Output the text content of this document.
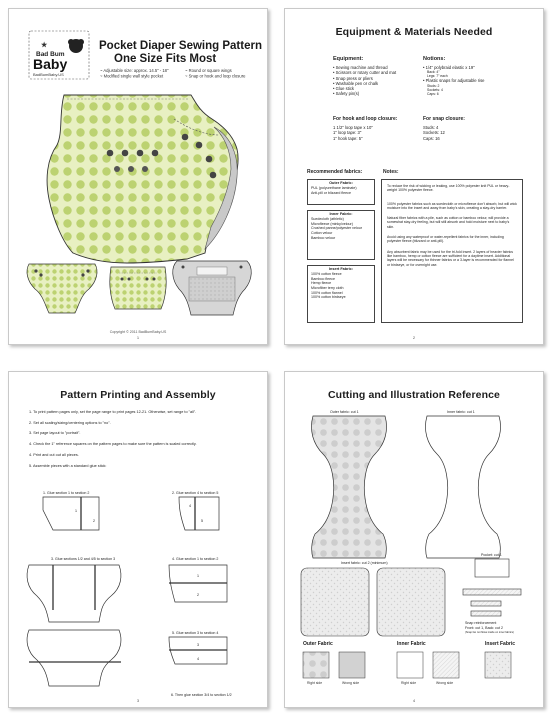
★
Bad Bum
Baby
BadBumBaby.US
Pocket Diaper Sewing Pattern
One Size Fits Most
~ Adjustable size: approx. 14.5" - 18"
~ Modified single wall style pocket
~ Round or square wings
~ Snap or hook and loop closure
Copyright © 2011 BadBumBaby.US
1
Equipment & Materials Needed
Equipment:
• Sewing machine and thread
• Scissors or rotary cutter and mat
• Snap press or pliers
• Washable pen or chalk
• Glue stick
• Safety pin(s)
Notions:
• 1/4" polybraid elastic x 19"
Back: 4"
Legs: 7" each
• Plastic snaps for adjustable rise
Studs: 2
Sockets: 4
Caps: 6
For hook and loop closure:
1 1/2" loop tape x 10"
1" loop tape: 3"
1" hook tape: 5"
For snap closure:
Studs: 4
Sockets: 12
Caps: 16
Recommended fabrics:	Notes:
Outer Fabric:
PUL (polyurethane laminate)
Anti-pill or blizzard fleece
Inner Fabric:
Suedecloth (athletic)
Microfleece (minky/velour)
Crushed panne/polyester velour
Cotton velour
Bamboo velour
Insert Fabric:
100% cotton fleece
Bamboo fleece
Hemp fleece
Microfiber terry cloth
100% cotton flannel
100% cotton birdseye
To reduce the risk of wicking or leaking, use 100% polyester knit PUL or heavy-weight 100% polyester fleece.
100% polyester fabrics such as suedecloth or microfleece don't absorb, but will wick moisture into the insert and away from baby's skin, creating a stay-dry barrier.
Natural fiber fabrics with a pile, such as cotton or bamboo velour, will provide a somewhat stay-dry feeling, but will still absorb and hold moisture next to baby's skin.
Avoid using any waterproof or water-repellent fabrics for the inner, including polyester fleece (blizzard or anti-pill).
Any absorbent fabric may be used for the tri-fold insert. 2 layers of heavier fabrics like bamboo, hemp or cotton fleece are sufficient for a daytime insert. Additional layers will be necessary for thinner fabrics or a 3-layer is recommended for flannel or birdseye, or for overnight use.
2
Pattern Printing and Assembly
1. To print pattern pages only, set the page range to print pages 12-21. Otherwise, set range to "all".
2. Set all scaling/sizing/centering options to "no".
3. Set page layout to "portrait".
4. Check the 1" reference squares on the pattern pages to make sure the pattern is scaled correctly.
4. Print and cut out all pieces.
5. Assemble pieces with a standard glue stick:
1. Glue section 1 to section 2	2. Glue section 4 to section 5
3. Glue sections 1/2 and 4/5 to section 3	4. Glue section 1 to section 2
5. Glue section 3 to section 4
6. Then glue section 3/4 to section 1/2
1
2
4
5
1
2
3
4
3
Cutting and Illustration Reference
Outer fabric: cut 1	Inner fabric: cut 1
Insert fabric: cut 2 (minimum)
Pocket: cut 1
Snap reinforcement
Front: cut 1, Back: cut 2
(Snap fax not flows inside on inner fabrics)
Outer Fabric	Inner Fabric	Insert Fabric
Right side	Wrong side	Right side	Wrong side
4
